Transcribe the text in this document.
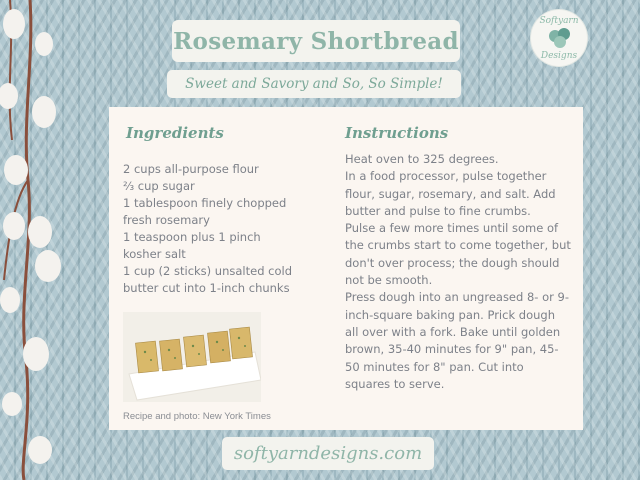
Rosemary Shortbread
Sweet and Savory and So, So Simple!
Softyarn
Designs
Ingredients
2 cups all-purpose flour
⅔ cup sugar
1 tablespoon finely chopped fresh rosemary
1 teaspoon plus 1 pinch kosher salt
1 cup (2 sticks) unsalted cold butter cut into 1-inch chunks
Recipe and photo: New York Times
Instructions

Heat oven to 325 degrees.

In a food processor, pulse together flour, sugar, rosemary, and salt. Add butter and pulse to fine crumbs.

Pulse a few more times until some of the crumbs start to come together, but don't over process; the dough should not be smooth.

Press dough into an ungreased 8- or 9-inch-square baking pan. Prick dough all over with a fork. Bake until golden brown, 35-40 minutes for 9" pan, 45-50 minutes for 8" pan. Cut into squares to serve.

softyarndesigns.com
